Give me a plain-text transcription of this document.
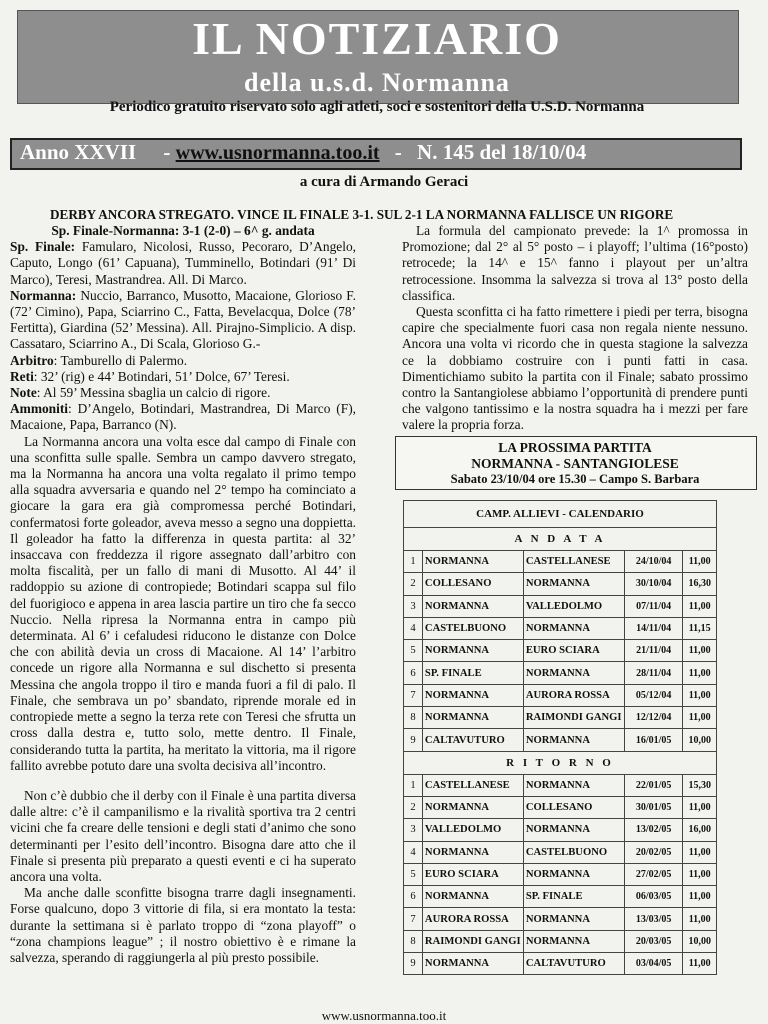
IL NOTIZIARIO
della u.s.d. Normanna
Periodico gratuito riservato solo agli atleti, soci e sostenitori della U.S.D. Normanna
Anno XXVII - www.usnormanna.too.it - N. 145 del 18/10/04
a cura di Armando Geraci
DERBY ANCORA STREGATO. VINCE IL FINALE 3-1. SUL 2-1 LA NORMANNA FALLISCE UN RIGORE

Sp. Finale-Normanna: 3-1 (2-0) – 6^ g. andata

Sp. Finale: Famularo, Nicolosi, Russo, Pecoraro, D’Angelo, Caputo, Longo (61’ Capuana), Tumminello, Botindari (91’ Di Marco), Teresi, Mastrandrea. All. Di Marco.

Normanna: Nuccio, Barranco, Musotto, Macaione, Glorioso F. (72’ Cimino), Papa, Sciarrino C., Fatta, Bevelacqua, Dolce (78’ Fertitta), Giardina (52’ Messina). All. Pirajno-Simplicio. A disp. Cassataro, Sciarrino A., Di Scala, Glorioso G.-

Arbitro: Tamburello di Palermo.

Reti: 32’ (rig) e 44’ Botindari, 51’ Dolce, 67’ Teresi.

Note: Al 59’ Messina sbaglia un calcio di rigore.

Ammoniti: D’Angelo, Botindari, Mastrandrea, Di Marco (F), Macaione, Papa, Barranco (N).

La Normanna ancora una volta esce dal campo di Finale con una sconfitta sulle spalle. Sembra un campo davvero stregato, ma la Normanna ha ancora una volta regalato il primo tempo alla squadra avversaria e quando nel 2° tempo ha cominciato a giocare la gara era già compromessa perché Botindari, confermatosi forte goleador, aveva messo a segno una doppietta. Il goleador ha fatto la differenza in questa partita: al 32’ insaccava con freddezza il rigore assegnato dall’arbitro con molta fiscalità, per un fallo di mani di Musotto. Al 44’ il raddoppio su azione di contropiede; Botindari scappa sul filo del fuorigioco e appena in area lascia partire un tiro che fa secco Nuccio. Nella ripresa la Normanna entra in campo più determinata. Al 6’ i cefaludesi riducono le distanze con Dolce che con abilità devia un cross di Macaione. Al 14’ l’arbitro concede un rigore alla Normanna e sul dischetto si presenta Messina che angola troppo il tiro e manda fuori a fil di palo. Il Finale, che sembrava un po’ sbandato, riprende morale ed in contropiede mette a segno la terza rete con Teresi che sfrutta un cross dalla destra e, tutto solo, mette dentro. Il Finale, considerando tutta la partita, ha meritato la vittoria, ma il rigore fallito avrebbe potuto dare una svolta decisiva all’incontro.

Non c’è dubbio che il derby con il Finale è una partita diversa dalle altre: c’è il campanilismo e la rivalità sportiva tra 2 centri vicini che fa creare delle tensioni e degli stati d’animo che sono determinanti per l’esito dell’incontro. Bisogna dare atto che il Finale si presenta più preparato a questi eventi e ci ha superato ancora una volta.

Ma anche dalle sconfitte bisogna trarre dagli insegnamenti. Forse qualcuno, dopo 3 vittorie di fila, si era montato la testa: durante la settimana si è parlato troppo di “zona playoff” o “zona champions league” ; il nostro obiettivo è e rimane la salvezza, sperando di raggiungerla al più presto possibile.

La formula del campionato prevede: la 1^ promossa in Promozione; dal 2° al 5° posto – i playoff; l’ultima (16°posto) retrocede; la 14^ e 15^ fanno i playout per un’altra retrocessione. Insomma la salvezza si trova al 13° posto della classifica.

Questa sconfitta ci ha fatto rimettere i piedi per terra, bisogna capire che specialmente fuori casa non regala niente nessuno. Ancora una volta vi ricordo che in questa stagione la salvezza ce la dobbiamo costruire con i punti fatti in casa. Dimentichiamo subito la partita con il Finale; sabato prossimo contro la Santangiolese abbiamo l’opportunità di prendere punti che valgono tantissimo e la nostra squadra ha i mezzi per fare valere la propria forza.

LA PROSSIMA PARTITA
NORMANNA - SANTANGIOLESE
Sabato 23/10/04 ore 15.30 – Campo S. Barbara
CAMP. ALLIEVI - CALENDARIO				
A N D A T A				
1	NORMANNA	CASTELLANESE	24/10/04	11,00
2	COLLESANO	NORMANNA	30/10/04	16,30
3	NORMANNA	VALLEDOLMO	07/11/04	11,00
4	CASTELBUONO	NORMANNA	14/11/04	11,15
5	NORMANNA	EURO SCIARA	21/11/04	11,00
6	SP. FINALE	NORMANNA	28/11/04	11,00
7	NORMANNA	AURORA ROSSA	05/12/04	11,00
8	NORMANNA	RAIMONDI GANGI	12/12/04	11,00
9	CALTAVUTURO	NORMANNA	16/01/05	10,00
R I T O R N O				
1	CASTELLANESE	NORMANNA	22/01/05	15,30
2	NORMANNA	COLLESANO	30/01/05	11,00
3	VALLEDOLMO	NORMANNA	13/02/05	16,00
4	NORMANNA	CASTELBUONO	20/02/05	11,00
5	EURO SCIARA	NORMANNA	27/02/05	11,00
6	NORMANNA	SP. FINALE	06/03/05	11,00
7	AURORA ROSSA	NORMANNA	13/03/05	11,00
8	RAIMONDI GANGI	NORMANNA	20/03/05	10,00
9	NORMANNA	CALTAVUTURO	03/04/05	11,00
www.usnormanna.too.it
